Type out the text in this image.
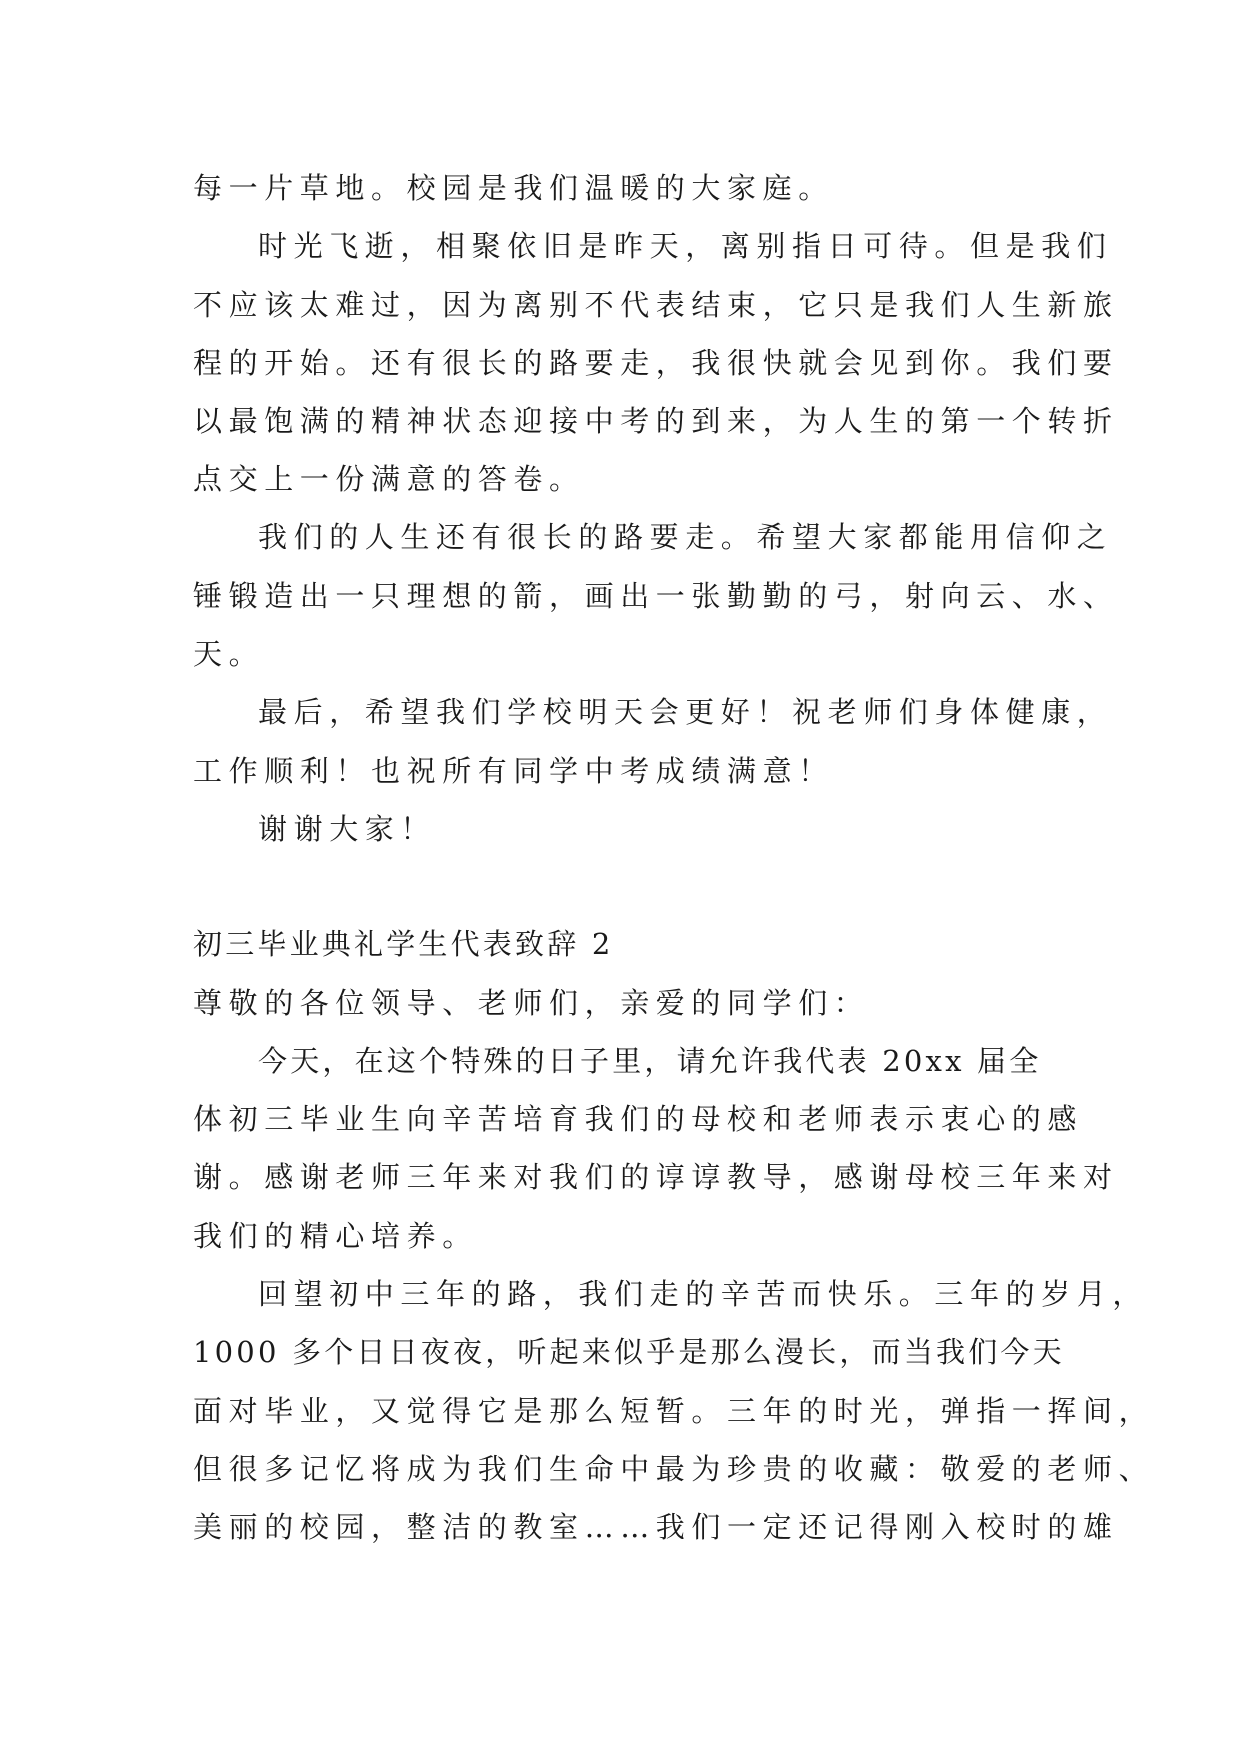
每一片草地。校园是我们温暖的大家庭。

时光飞逝，相聚依旧是昨天，离别指日可待。但是我们

不应该太难过，因为离别不代表结束，它只是我们人生新旅

程的开始。还有很长的路要走，我很快就会见到你。我们要

以最饱满的精神状态迎接中考的到来，为人生的第一个转折

点交上一份满意的答卷。

我们的人生还有很长的路要走。希望大家都能用信仰之

锤锻造出一只理想的箭，画出一张勤勤的弓，射向云、水、

天。

最后，希望我们学校明天会更好！祝老师们身体健康，

工作顺利！也祝所有同学中考成绩满意！

谢谢大家！

初三毕业典礼学生代表致辞 2

尊敬的各位领导、老师们，亲爱的同学们：

今天，在这个特殊的日子里，请允许我代表 20xx 届全

体初三毕业生向辛苦培育我们的母校和老师表示衷心的感

谢。感谢老师三年来对我们的谆谆教导，感谢母校三年来对

我们的精心培养。

回望初中三年的路，我们走的辛苦而快乐。三年的岁月，

1000 多个日日夜夜，听起来似乎是那么漫长，而当我们今天

面对毕业，又觉得它是那么短暂。三年的时光，弹指一挥间，

但很多记忆将成为我们生命中最为珍贵的收藏：敬爱的老师、

美丽的校园，整洁的教室……我们一定还记得刚入校时的雄
